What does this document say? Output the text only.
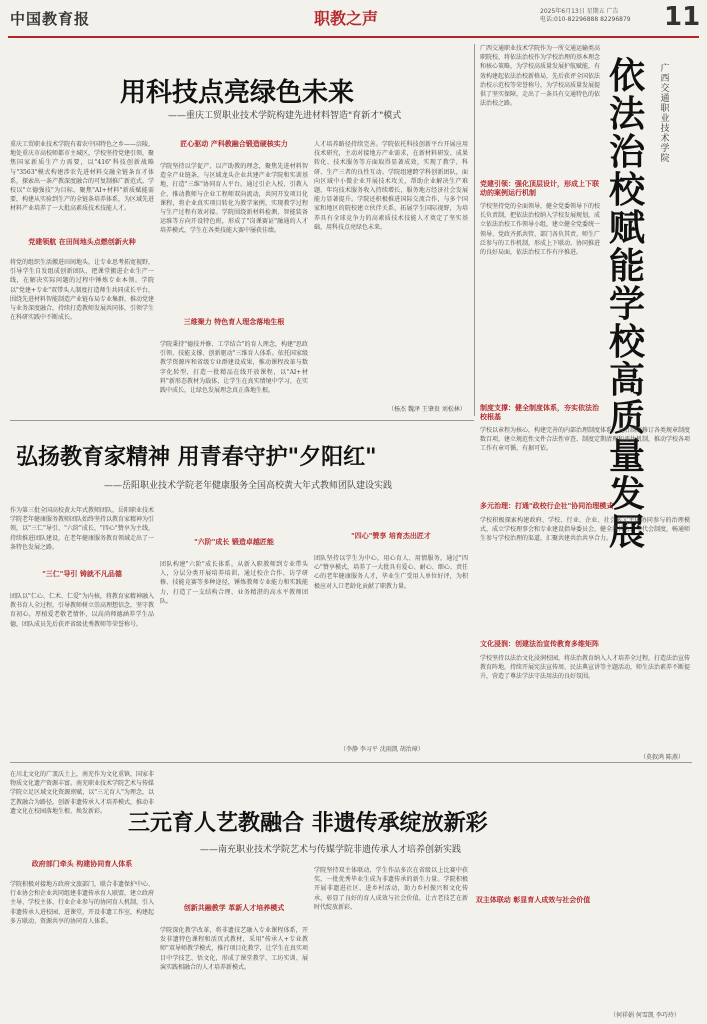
中国教育报	职教之声	2025年6月13日 星期五 广告
电话:010-82296888 82296879	11
用科技点亮绿色未来
——重庆工贸职业技术学院构建先进材料智造"育新才"模式
重庆工贸职业技术学院有着农中国特色之乡——涪陵，地处重庆市高校师都市主城区，学校坚持党建引领，聚焦国家新质生产力需要，以"416"科技创新战略与"3563"模式构建涉农先进材料交融全链条育才体系，探索出一条产教深度融合的可复制推广新范式。学校以"立德强技"为目标，聚焦"AI+材料"新质赋能需要，构建从实验到生产的全链条培养体系，为区域先进材料产业培养了一大批高素质技术技能人才。
党建领航 在田间地头点燃创新火种
将党的组织生活搬进田间地头，让专业思考拓宽视野，引导学生自发组成创新团队，把课堂搬进企业生产一线，在解决实际问题的过程中锤炼专业本领。学院以"党建+专业"双带头人制度打造师生共同成长平台，围绕先进材料智能制造产业链布局专业集群，推动党建与业务深度融合，持续打造教师发展共同体，引领学生在科研实践中不断成长。
匠心驱动 产科教融合锻造硬核实力
学院坚持以学促产、以产助教的理念，聚焦先进材料智造全产业链条，与区域龙头企业共建产业学院和实训基地，打造"三维"协同育人平台。通过引企入校、引教入企，推动教师与企业工程师双向流动，共同开发项目化课程，将企业真实项目转化为教学案例，实现教学过程与生产过程有效对接。学院围绕新材料检测、智能装备运维等方向开设特色班，形成了"岗课赛证"融通的人才培养模式，学生在各类技能大赛中屡获佳绩。
三维聚力 特色育人理念落地生根
学院秉持"德技并修、工学结合"的育人理念，构建"思政引领、技能支撑、创新驱动"三维育人体系。依托国家级教学资源库和省级专业群建设成果，推动课程改革与数字化转型，打造一批精品在线开放课程，以"AI+材料"新形态教材为载体，让学生在真实情境中学习，在实践中成长，让绿色发展理念真正落地生根。
人才培养路径持续完善。学院依托科技创新平台开展应用技术研究，主动对接地方产业需求，在新材料研发、成果转化、技术服务等方面取得显著成效，实现了教学、科研、生产三者的良性互动。学院组建跨学科创新团队，面向区域中小微企业开展技术攻关，帮助企业解决生产难题，年均技术服务收入持续增长，服务地方经济社会发展能力显著提升。学院还积极推进国际交流合作，与多个国家和地区的院校建立伙伴关系，拓展学生国际视野，为培养具有全球竞争力的高素质技术技能人才奠定了坚实基础，用科技点亮绿色未来。
（杨杰 魏泽 王肇贵 刘松林）
广西交通职业技术学院作为一所交通运输类高职院校，将依法治校作为学校治理的基本理念和核心策略，为学校高质量发展护航赋能，有效构建起依法治校新格局，先后获评全国依法治校示范校等荣誉称号，为学校高质量发展提供了坚实保障，走出了一条具有交通特色的依法治校之路。
党建引领：强化顶层设计，形成上下联动的案例运行机制
学校坚持党的全面领导，健全党委领导下的校长负责制，把依法治校纳入学校发展规划，成立依法治校工作领导小组，建立健全党委统一领导、党政齐抓共管、部门各负其责、师生广泛参与的工作机制，形成上下联动、协同推进的良好局面，依法治校工作有序推进。
广西交通职业技术学院
依法治校赋能学校高质量发展
制度支撑：健全制度体系，夯实依法治校根基
学校以章程为核心，构建完善的内部治理制度体系，先后制定修订各类规章制度数百项，建立规范性文件合法性审查、制度定期清理和评估机制，推动学校各项工作有章可循、有据可依。
多元治理：打通"政校行企社"协同治理模式
学校积极探索构建政府、学校、行业、企业、社会多元主体协同参与的治理模式，成立学校理事会和专业建设指导委员会，健全教代会、学代会制度，畅通师生参与学校治理的渠道，汇聚共建共治共享合力。
文化浸润：创建法治宣传教育多维矩阵
学校坚持以法治文化浸润校园，将法治教育纳入人才培养全过程，打造法治宣传教育阵地，持续开展宪法宣传周、民法典宣讲等主题活动，师生法治素养不断提升，营造了尊法学法守法用法的良好氛围。
（莫叙鸿 陈燕）
弘扬教育家精神 用青春守护"夕阳红"
——岳阳职业技术学院老年健康服务全国高校黄大年式教师团队建设实践
作为第三批全国高校黄大年式教师团队，岳阳职业技术学院老年健康服务教师团队始终坚持以教育家精神为引领，以"三仁"导引、"六阶"成长、"四心"赞享为主线，持续推进团队建设，在老年健康服务教育领域走出了一条特色发展之路。
"三仁"导引 铸就不凡品德
团队以"仁心、仁术、仁爱"为内核，将教育家精神融入教书育人全过程，引导教师树立崇高理想信念，坚守教育初心，厚植爱老敬老情怀，以高尚师德涵养学生品德，团队成员先后获评省级优秀教师等荣誉称号。
"六阶"成长 锻造卓越匠能
团队构建"六阶"成长体系，从新入职教师到专业带头人，分层分类开展培养培训，通过校企合作、访学研修、技能竞赛等多种途径，锤炼教师专业能力和实践能力，打造了一支结构合理、业务精湛的高水平教师团队。
"四心"赞享 培育杰出匠才
团队坚持以学生为中心，用心育人、用情服务，通过"四心"赞享模式，培养了一大批具有爱心、耐心、细心、责任心的老年健康服务人才，毕业生广受用人单位好评，为积极应对人口老龄化贡献了职教力量。
（李静 李习平 沈雨凯 胡治璋）
在川北文化的广袤沃土上，南充作为文化重镇，国家非物质文化遗产资源丰富。南充职业技术学院艺术与传媒学院立足区域文化资源禀赋，以"三元育人"为理念，以艺教融合为路径，创新非遗传承人才培养模式，推动非遗文化在校园落地生根、焕发新彩。 三元育人艺教融合 非遗传承绽放新彩
——南充职业技术学院艺术与传媒学院非遗传承人才培养创新实践
政府部门牵头 构建协同育人体系
学院积极对接地方政府文旅部门，联合非遗保护中心、行业协会和企业共同组建非遗传承育人联盟，建立政府主导、学校主体、行业企业参与的协同育人机制，引入非遗传承人进校园、进课堂，开设非遗工作室，构建起多方联动、资源共享的协同育人体系。
创新共融教学 革新人才培养模式
学院深化教学改革，将非遗技艺融入专业课程体系，开发非遗特色课程和活页式教材，采用"传承人+专业教师"双导师教学模式，推行项目化教学，让学生在真实项目中学技艺、悟文化，形成了课堂教学、工坊实训、展演实践相融合的人才培养新模式。
双主体联动 彰显育人成效与社会价值
学院坚持双主体联动，学生作品多次在省级以上比赛中获奖，一批优秀毕业生成为非遗传承的新生力量。学院积极开展非遗进社区、进乡村活动，助力乡村振兴和文化传承，彰显了良好的育人成效与社会价值，让古老技艺在新时代绽放新彩。
（何祥娟 何雪凯 李巧玲）
